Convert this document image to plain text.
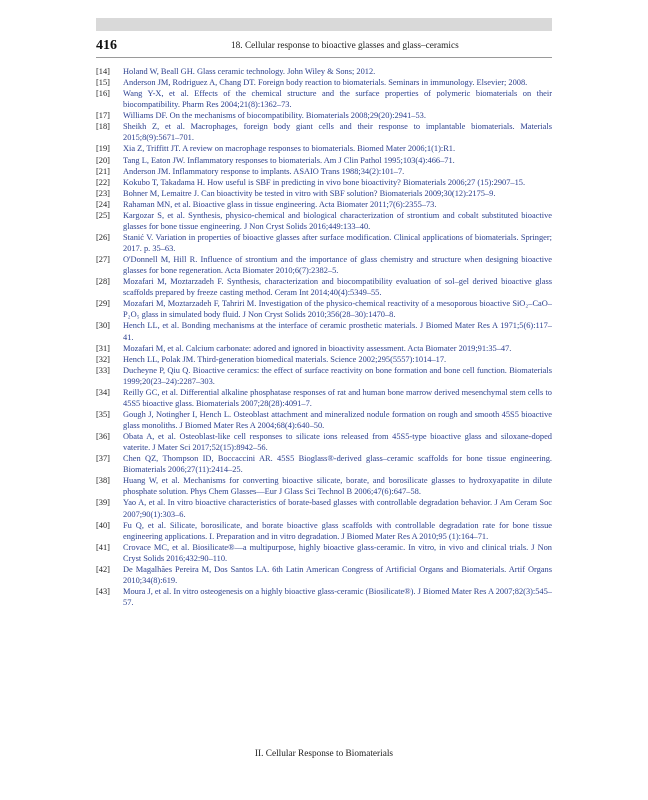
416	18. Cellular response to bioactive glasses and glass–ceramics
[14] Holand W, Beall GH. Glass ceramic technology. John Wiley & Sons; 2012.
[15] Anderson JM, Rodriguez A, Chang DT. Foreign body reaction to biomaterials. Seminars in immunology. Elsevier; 2008.
[16] Wang Y-X, et al. Effects of the chemical structure and the surface properties of polymeric biomaterials on their biocompatibility. Pharm Res 2004;21(8):1362–73.
[17] Williams DF. On the mechanisms of biocompatibility. Biomaterials 2008;29(20):2941–53.
[18] Sheikh Z, et al. Macrophages, foreign body giant cells and their response to implantable biomaterials. Materials 2015;8(9):5671–701.
[19] Xia Z, Triffitt JT. A review on macrophage responses to biomaterials. Biomed Mater 2006;1(1):R1.
[20] Tang L, Eaton JW. Inflammatory responses to biomaterials. Am J Clin Pathol 1995;103(4):466–71.
[21] Anderson JM. Inflammatory response to implants. ASAIO Trans 1988;34(2):101–7.
[22] Kokubo T, Takadama H. How useful is SBF in predicting in vivo bone bioactivity? Biomaterials 2006;27 (15):2907–15.
[23] Bohner M, Lemaitre J. Can bioactivity be tested in vitro with SBF solution? Biomaterials 2009;30(12):2175–9.
[24] Rahaman MN, et al. Bioactive glass in tissue engineering. Acta Biomater 2011;7(6):2355–73.
[25] Kargozar S, et al. Synthesis, physico-chemical and biological characterization of strontium and cobalt substituted bioactive glasses for bone tissue engineering. J Non Cryst Solids 2016;449:133–40.
[26] Stanić V. Variation in properties of bioactive glasses after surface modification. Clinical applications of biomaterials. Springer; 2017. p. 35–63.
[27] O'Donnell M, Hill R. Influence of strontium and the importance of glass chemistry and structure when designing bioactive glasses for bone regeneration. Acta Biomater 2010;6(7):2382–5.
[28] Mozafari M, Moztarzadeh F. Synthesis, characterization and biocompatibility evaluation of sol–gel derived bioactive glass scaffolds prepared by freeze casting method. Ceram Int 2014;40(4):5349–55.
[29] Mozafari M, Moztarzadeh F, Tahriri M. Investigation of the physico-chemical reactivity of a mesoporous bioactive SiO₂–CaO–P₂O₅ glass in simulated body fluid. J Non Cryst Solids 2010;356(28–30):1470–8.
[30] Hench LL, et al. Bonding mechanisms at the interface of ceramic prosthetic materials. J Biomed Mater Res A 1971;5(6):117–41.
[31] Mozafari M, et al. Calcium carbonate: adored and ignored in bioactivity assessment. Acta Biomater 2019;91:35–47.
[32] Hench LL, Polak JM. Third-generation biomedical materials. Science 2002;295(5557):1014–17.
[33] Ducheyne P, Qiu Q. Bioactive ceramics: the effect of surface reactivity on bone formation and bone cell function. Biomaterials 1999;20(23–24):2287–303.
[34] Reilly GC, et al. Differential alkaline phosphatase responses of rat and human bone marrow derived mesenchymal stem cells to 45S5 bioactive glass. Biomaterials 2007;28(28):4091–7.
[35] Gough J, Notingher I, Hench L. Osteoblast attachment and mineralized nodule formation on rough and smooth 45S5 bioactive glass monoliths. J Biomed Mater Res A 2004;68(4):640–50.
[36] Obata A, et al. Osteoblast-like cell responses to silicate ions released from 45S5-type bioactive glass and siloxane-doped vaterite. J Mater Sci 2017;52(15):8942–56.
[37] Chen QZ, Thompson ID, Boccaccini AR. 45S5 Bioglass®-derived glass–ceramic scaffolds for bone tissue engineering. Biomaterials 2006;27(11):2414–25.
[38] Huang W, et al. Mechanisms for converting bioactive silicate, borate, and borosilicate glasses to hydroxyapatite in dilute phosphate solution. Phys Chem Glasses—Eur J Glass Sci Technol B 2006;47(6):647–58.
[39] Yao A, et al. In vitro bioactive characteristics of borate-based glasses with controllable degradation behavior. J Am Ceram Soc 2007;90(1):303–6.
[40] Fu Q, et al. Silicate, borosilicate, and borate bioactive glass scaffolds with controllable degradation rate for bone tissue engineering applications. I. Preparation and in vitro degradation. J Biomed Mater Res A 2010;95 (1):164–71.
[41] Crovace MC, et al. Biosilicate®—a multipurpose, highly bioactive glass-ceramic. In vitro, in vivo and clinical trials. J Non Cryst Solids 2016;432:90–110.
[42] De Magalhães Pereira M, Dos Santos LA. 6th Latin American Congress of Artificial Organs and Biomaterials. Artif Organs 2010;34(8):619.
[43] Moura J, et al. In vitro osteogenesis on a highly bioactive glass-ceramic (Biosilicate®). J Biomed Mater Res A 2007;82(3):545–57.
II. Cellular Response to Biomaterials
